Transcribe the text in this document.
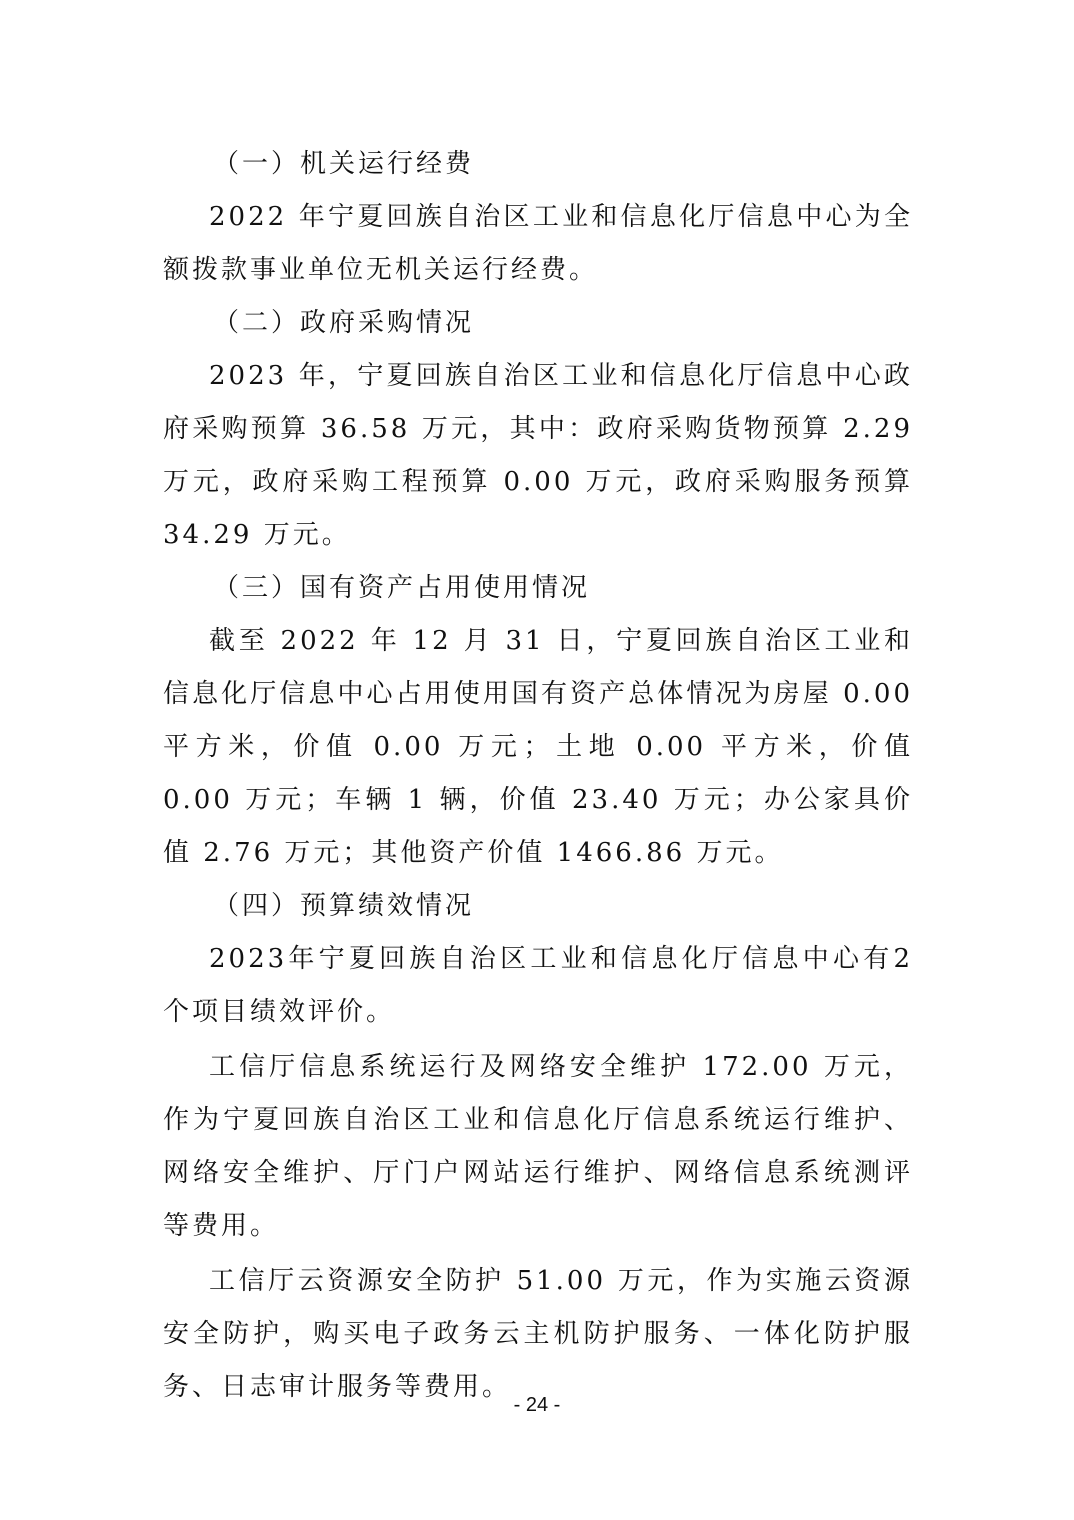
（一）机关运行经费

2022 年宁夏回族自治区工业和信息化厅信息中心为全额拨款事业单位无机关运行经费。

（二）政府采购情况

2023 年，宁夏回族自治区工业和信息化厅信息中心政府采购预算 36.58 万元，其中：政府采购货物预算 2.29 万元，政府采购工程预算 0.00 万元，政府采购服务预算 34.29 万元。

（三）国有资产占用使用情况

截至 2022 年 12 月 31 日，宁夏回族自治区工业和信息化厅信息中心占用使用国有资产总体情况为房屋 0.00 平方米，价值 0.00 万元；土地 0.00 平方米，价值 0.00 万元；车辆 1 辆，价值 23.40 万元；办公家具价值 2.76 万元；其他资产价值 1466.86 万元。

（四）预算绩效情况

2023年宁夏回族自治区工业和信息化厅信息中心有2个项目绩效评价。

工信厅信息系统运行及网络安全维护 172.00 万元，作为宁夏回族自治区工业和信息化厅信息系统运行维护、网络安全维护、厅门户网站运行维护、网络信息系统测评等费用。

工信厅云资源安全防护 51.00 万元，作为实施云资源安全防护，购买电子政务云主机防护服务、一体化防护服务、日志审计服务等费用。

- 24 -
